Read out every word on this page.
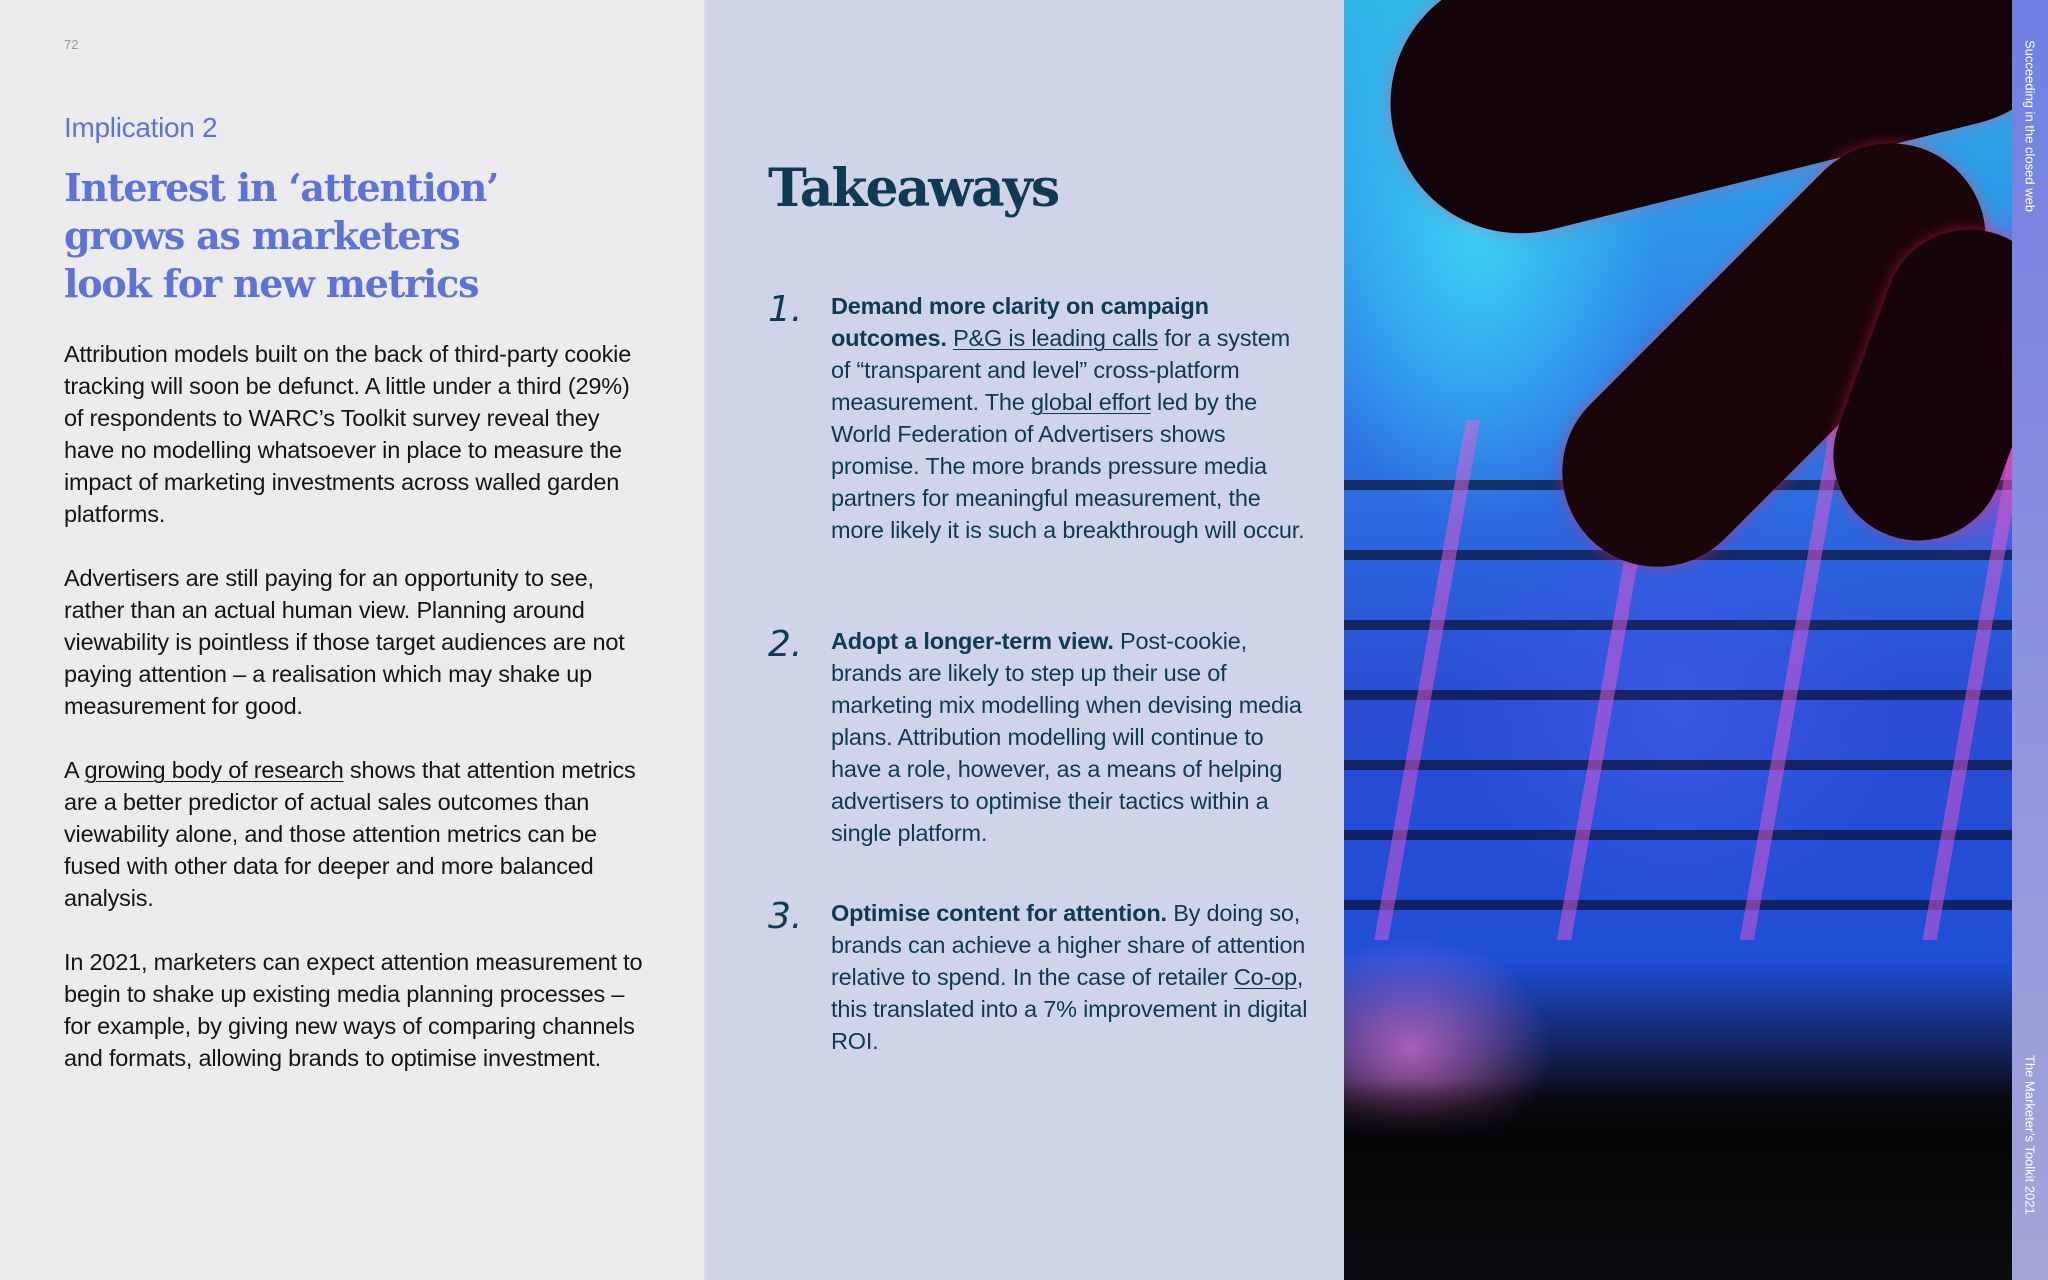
72
Implication 2
Interest in ‘attention’
grows as marketers
look for new metrics

Attribution models built on the back of third-party cookie tracking will soon be defunct. A little under a third (29%) of respondents to WARC’s Toolkit survey reveal they have no modelling whatsoever in place to measure the impact of marketing investments across walled garden platforms.

Advertisers are still paying for an opportunity to see, rather than an actual human view. Planning around viewability is pointless if those target audiences are not paying attention – a realisation which may shake up measurement for good.

A growing body of research shows that attention metrics are a better predictor of actual sales outcomes than viewability alone, and those attention metrics can be fused with other data for deeper and more balanced analysis.

In 2021, marketers can expect attention measurement to begin to shake up existing media planning processes – for example, by giving new ways of comparing channels and formats, allowing brands to optimise investment.

Takeaways
1.	Demand more clarity on campaign outcomes. P&G is leading calls for a system of “transparent and level” cross-platform measurement. The global effort led by the World Federation of Advertisers shows promise. The more brands pressure media partners for meaningful measurement, the more likely it is such a breakthrough will occur.
2.	Adopt a longer-term view. Post-cookie, brands are likely to step up their use of marketing mix modelling when devising media plans. Attribution modelling will continue to have a role, however, as a means of helping advertisers to optimise their tactics within a single platform.
3.	Optimise content for attention. By doing so, brands can achieve a higher share of attention relative to spend. In the case of retailer Co-op, this translated into a 7% improvement in digital ROI.
Succeeding in the closed web
The Marketer’s Toolkit 2021
